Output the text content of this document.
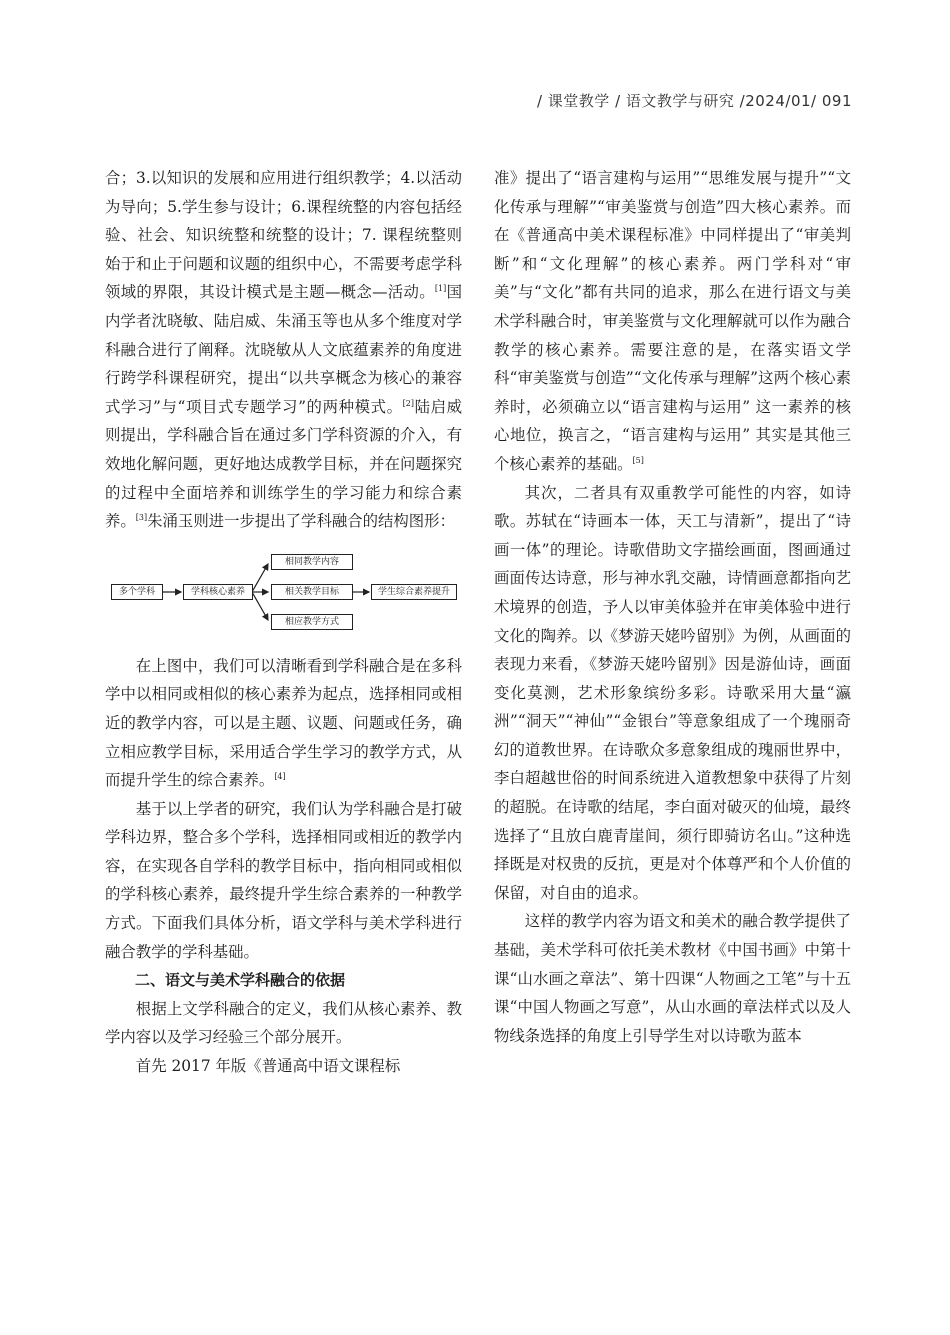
/ 课堂教学 / 语文教学与研究 /2024/01/ 091

合；3.以知识的发展和应用进行组织教学；4.以活动为导向；5.学生参与设计；6.课程统整的内容包括经验、社会、知识统整和统整的设计；7. 课程统整则始于和止于问题和议题的组织中心，不需要考虑学科领域的界限，其设计模式是主题—概念—活动。[1]国内学者沈晓敏、陆启威、朱涌玉等也从多个维度对学科融合进行了阐释。沈晓敏从人文底蕴素养的角度进行跨学科课程研究，提出“以共享概念为核心的兼容式学习”与“项目式专题学习”的两种模式。[2]陆启威则提出，学科融合旨在通过多门学科资源的介入，有效地化解问题，更好地达成教学目标，并在问题探究的过程中全面培养和训练学生的学习能力和综合素养。[3]朱涌玉则进一步提出了学科融合的结构图形：

多个学科	学科核心素养
相同教学内容
相关教学目标
相应教学方式
学生综合素养提升

在上图中，我们可以清晰看到学科融合是在多科学中以相同或相似的核心素养为起点，选择相同或相近的教学内容，可以是主题、议题、问题或任务，确立相应教学目标，采用适合学生学习的教学方式，从而提升学生的综合素养。[4]

基于以上学者的研究，我们认为学科融合是打破学科边界，整合多个学科，选择相同或相近的教学内容，在实现各自学科的教学目标中，指向相同或相似的学科核心素养，最终提升学生综合素养的一种教学方式。下面我们具体分析，语文学科与美术学科进行融合教学的学科基础。

二、语文与美术学科融合的依据

根据上文学科融合的定义，我们从核心素养、教学内容以及学习经验三个部分展开。

首先 2017 年版《普通高中语文课程标

准》提出了“语言建构与运用”“思维发展与提升”“文化传承与理解”“审美鉴赏与创造”四大核心素养。而在《普通高中美术课程标准》中同样提出了“审美判断”和“文化理解”的核心素养。两门学科对“审美”与“文化”都有共同的追求，那么在进行语文与美术学科融合时，审美鉴赏与文化理解就可以作为融合教学的核心素养。需要注意的是，在落实语文学科“审美鉴赏与创造”“文化传承与理解”这两个核心素养时，必须确立以“语言建构与运用” 这一素养的核心地位，换言之，“语言建构与运用” 其实是其他三个核心素养的基础。[5]

其次，二者具有双重教学可能性的内容，如诗歌。苏轼在“诗画本一体，天工与清新”，提出了“诗画一体”的理论。诗歌借助文字描绘画面，图画通过画面传达诗意，形与神水乳交融，诗情画意都指向艺术境界的创造，予人以审美体验并在审美体验中进行文化的陶养。以《梦游天姥吟留别》为例，从画面的表现力来看，《梦游天姥吟留别》因是游仙诗，画面变化莫测，艺术形象缤纷多彩。诗歌采用大量“瀛洲”“洞天”“神仙”“金银台”等意象组成了一个瑰丽奇幻的道教世界。在诗歌众多意象组成的瑰丽世界中，李白超越世俗的时间系统进入道教想象中获得了片刻的超脱。在诗歌的结尾，李白面对破灭的仙境，最终选择了“且放白鹿青崖间，须行即骑访名山。”这种选择既是对权贵的反抗，更是对个体尊严和个人价值的保留，对自由的追求。

这样的教学内容为语文和美术的融合教学提供了基础，美术学科可依托美术教材《中国书画》中第十课“山水画之章法”、第十四课“人物画之工笔”与十五课“中国人物画之写意”，从山水画的章法样式以及人物线条选择的角度上引导学生对以诗歌为蓝本
